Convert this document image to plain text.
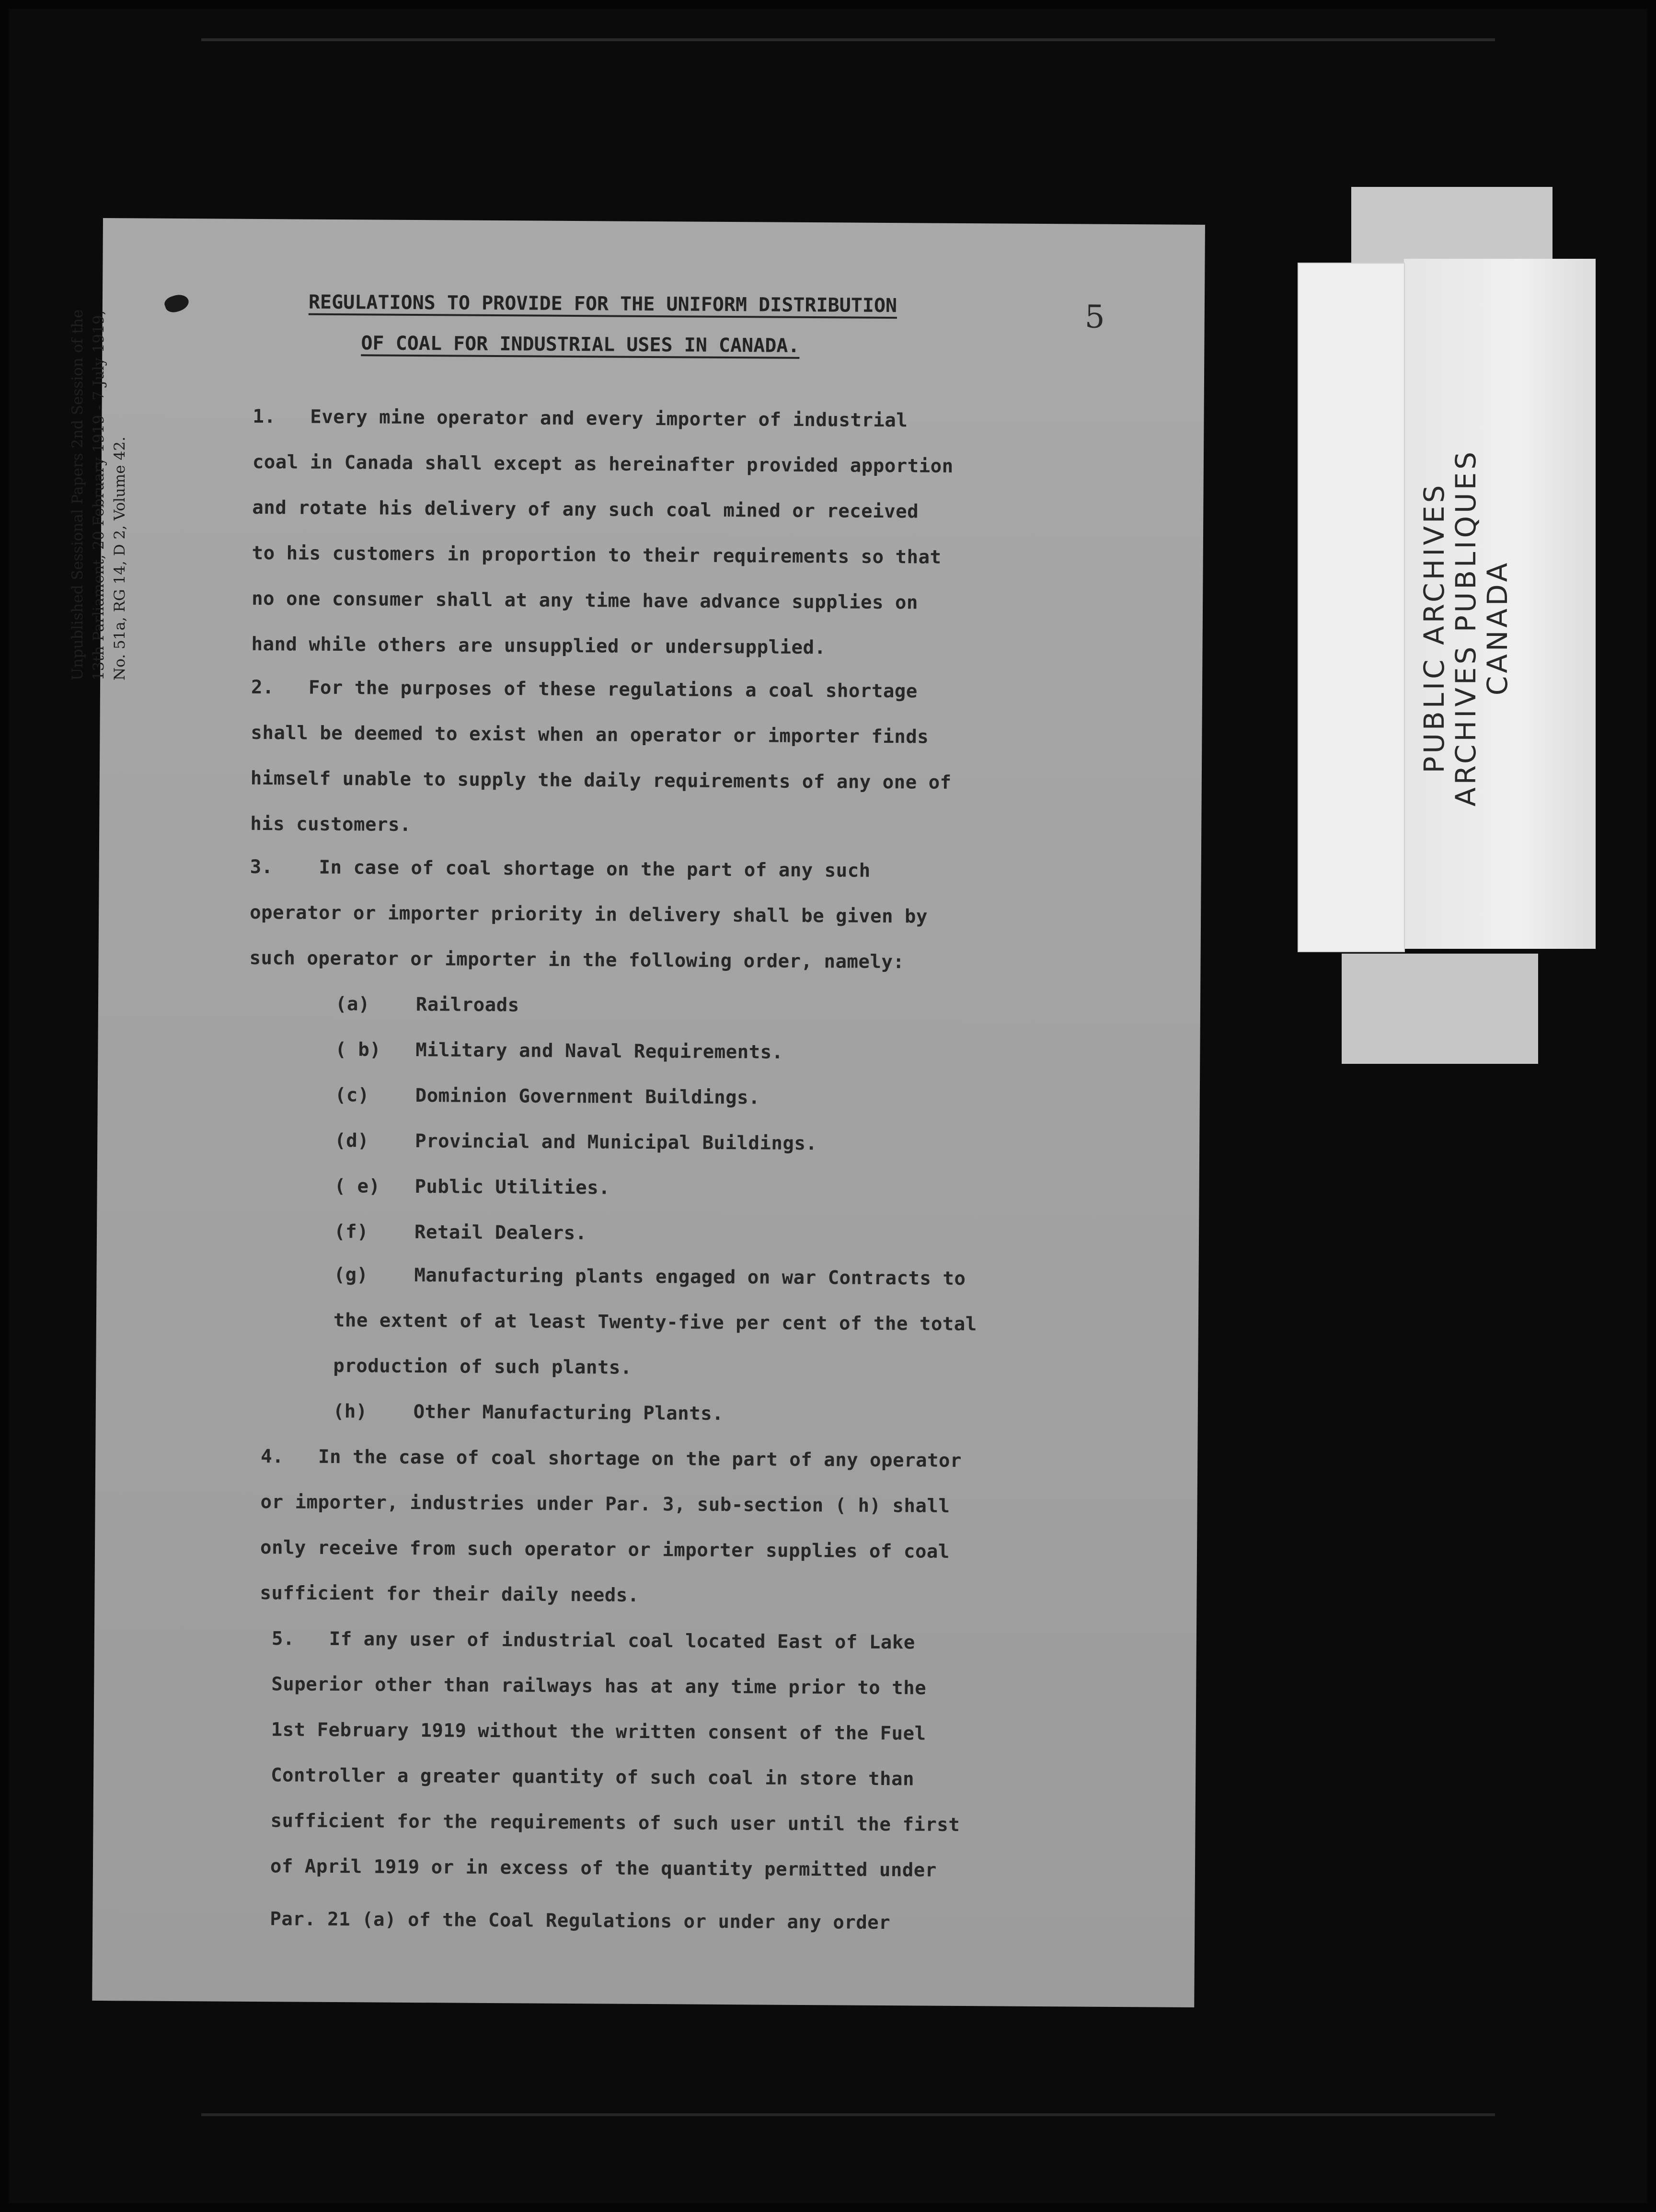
REGULATIONS TO PROVIDE FOR THE UNIFORM DISTRIBUTION
OF COAL FOR INDUSTRIAL USES IN CANADA.
5
1.   Every mine operator and every importer of industrial
coal in Canada shall except as hereinafter provided apportion
and rotate his delivery of any such coal mined or received
to his customers in proportion to their requirements so that
no one consumer shall at any time have advance supplies on
hand while others are unsupplied or undersupplied.
2.   For the purposes of these regulations a coal shortage
shall be deemed to exist when an operator or importer finds
himself unable to supply the daily requirements of any one of
his customers.
3.    In case of coal shortage on the part of any such
operator or importer priority in delivery shall be given by
such operator or importer in the following order, namely:
(a)    Railroads
( b)   Military and Naval Requirements.
(c)    Dominion Government Buildings.
(d)    Provincial and Municipal Buildings.
( e)   Public Utilities.
(f)    Retail Dealers.
(g)    Manufacturing plants engaged on war Contracts to
the extent of at least Twenty-five per cent of the total
production of such plants.
(h)    Other Manufacturing Plants.
4.   In the case of coal shortage on the part of any operator
or importer, industries under Par. 3, sub-section ( h) shall
only receive from such operator or importer supplies of coal
sufficient for their daily needs.
5.   If any user of industrial coal located East of Lake
Superior other than railways has at any time prior to the
1st February 1919 without the written consent of the Fuel
Controller a greater quantity of such coal in store than
sufficient for the requirements of such user until the first
of April 1919 or in excess of the quantity permitted under
Par. 21 (a) of the Coal Regulations or under any order
PUBLIC ARCHIVES
ARCHIVES PUBLIQUES
CANADA
Unpublished Sessional Papers 2nd Session of the 13th Parliament, 20 February 1919 - 7 July 1919, No. 51a, RG 14, D 2, Volume 42.
